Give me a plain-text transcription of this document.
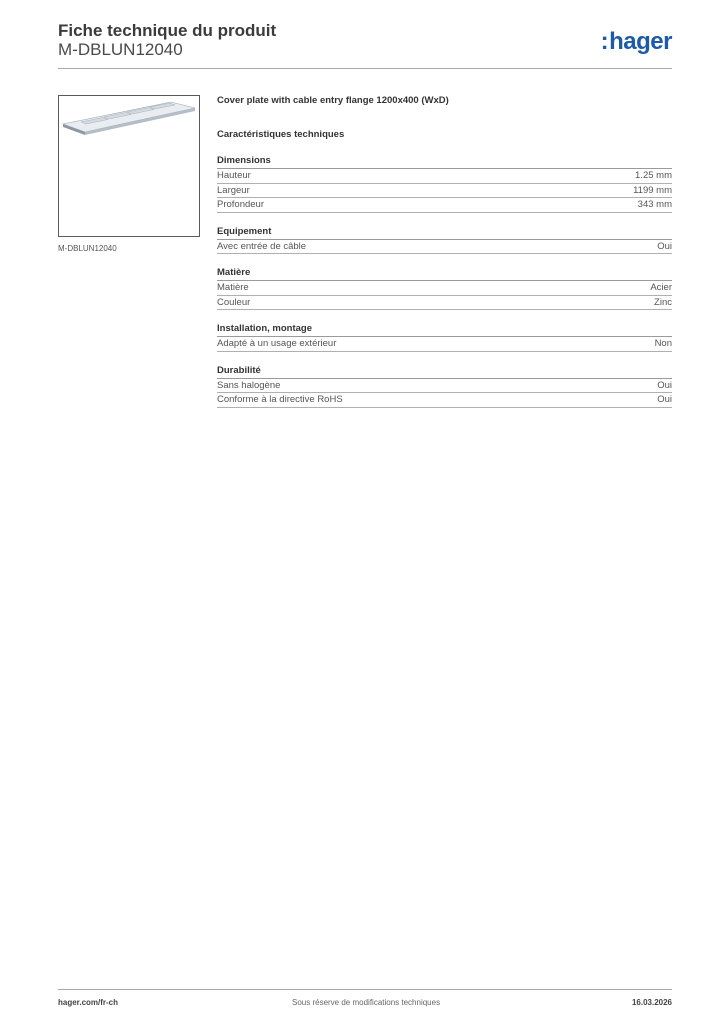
Fiche technique du produit
M-DBLUN12040	:hager
M-DBLUN12040
Cover plate with cable entry flange 1200x400 (WxD)
Caractéristiques techniques
Dimensions
Hauteur	1.25 mm
Largeur	1199 mm
Profondeur	343 mm
Equipement
Avec entrée de câble	Oui
Matière
Matière	Acier
Couleur	Zinc
Installation, montage
Adapté à un usage extérieur	Non
Durabilité
Sans halogène	Oui
Conforme à la directive RoHS	Oui
hager.com/fr-ch	Sous réserve de modifications techniques	16.03.2026
